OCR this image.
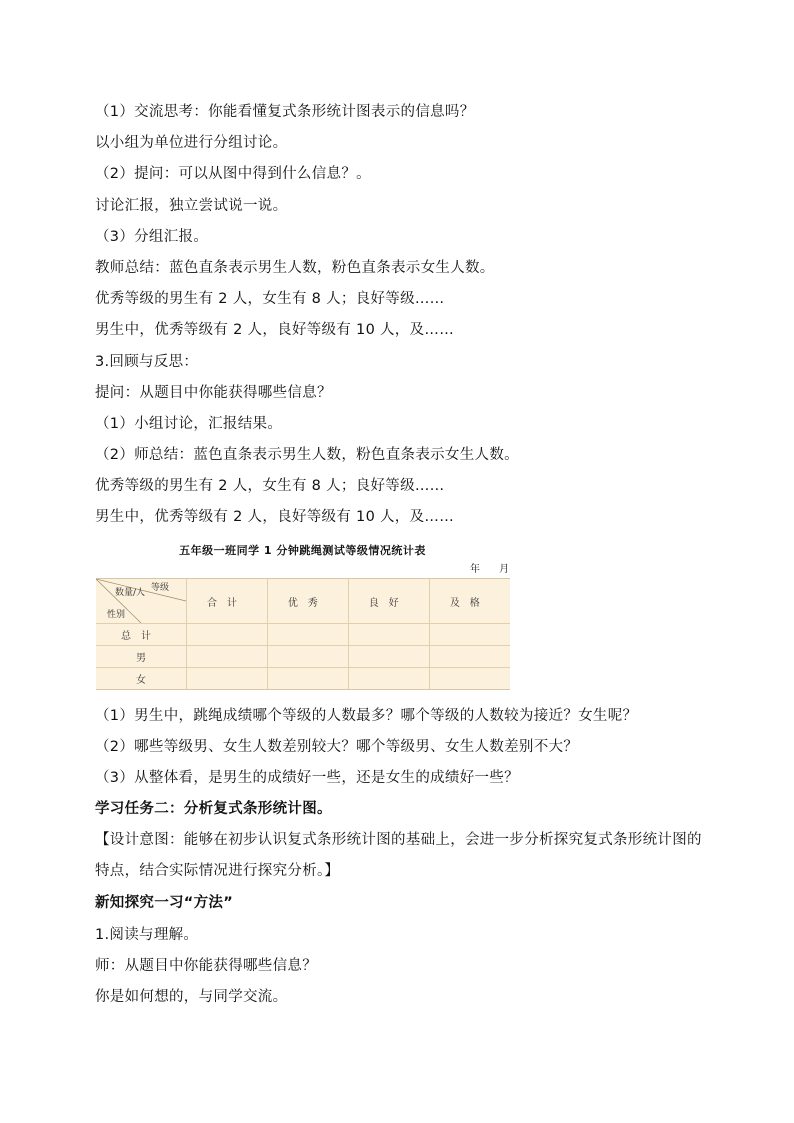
（1）交流思考：你能看懂复式条形统计图表示的信息吗？
以小组为单位进行分组讨论。
（2）提问：可以从图中得到什么信息？。
讨论汇报，独立尝试说一说。
（3）分组汇报。
教师总结：蓝色直条表示男生人数，粉色直条表示女生人数。
优秀等级的男生有 2 人，女生有 8 人；良好等级……
男生中，优秀等级有 2 人，良好等级有 10 人，及……
3.回顾与反思：
提问：从题目中你能获得哪些信息？
（1）小组讨论，汇报结果。
（2）师总结：蓝色直条表示男生人数，粉色直条表示女生人数。
优秀等级的男生有 2 人，女生有 8 人；良好等级……
男生中，优秀等级有 2 人，良好等级有 10 人，及……
五年级一班同学 1 分钟跳绳测试等级情况统计表
年 月
等级
数量/人
性别	合计	优秀	良好	及格
总计				
男				
女				
（1）男生中，跳绳成绩哪个等级的人数最多？哪个等级的人数较为接近？女生呢？
（2）哪些等级男、女生人数差别较大？哪个等级男、女生人数差别不大？
（3）从整体看，是男生的成绩好一些，还是女生的成绩好一些？
学习任务二：分析复式条形统计图。
【设计意图：能够在初步认识复式条形统计图的基础上，会进一步分析探究复式条形统计图的特点，结合实际情况进行探究分析。】
新知探究一习“方法”
1.阅读与理解。
师：从题目中你能获得哪些信息？
你是如何想的，与同学交流。
